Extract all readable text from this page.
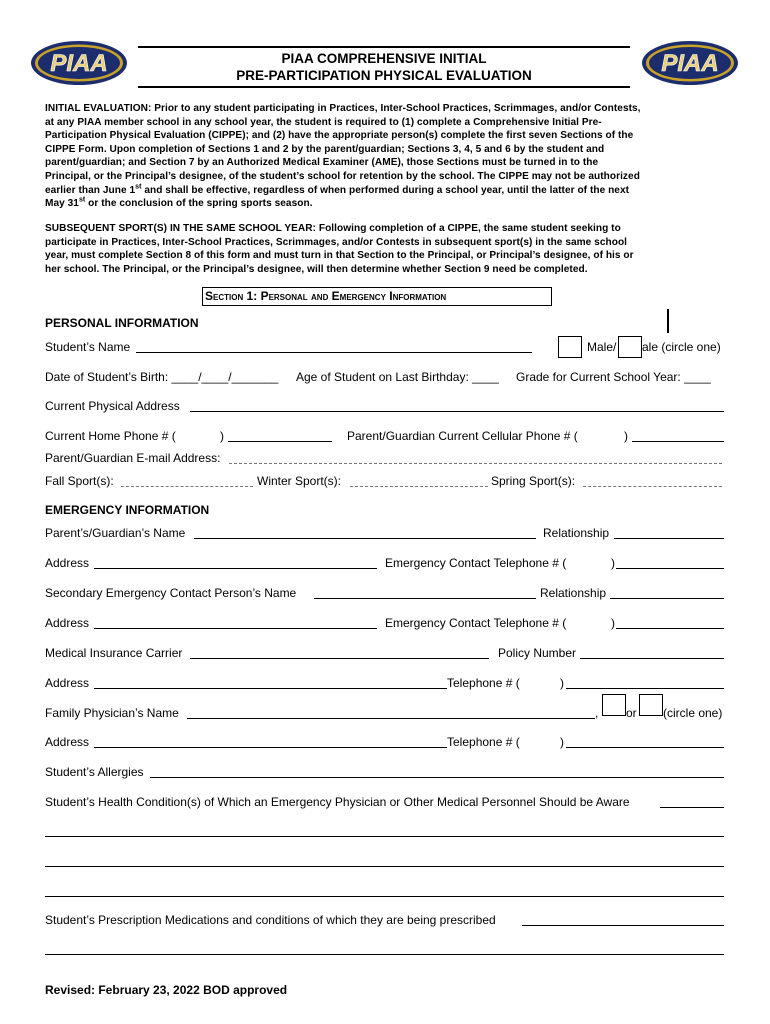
PIAA	PIAA
PIAA COMPREHENSIVE INITIAL
PRE-PARTICIPATION PHYSICAL EVALUATION
INITIAL EVALUATION: Prior to any student participating in Practices, Inter-School Practices, Scrimmages, and/or Contests,
at any PIAA member school in any school year, the student is required to (1) complete a Comprehensive Initial Pre-
Participation Physical Evaluation (CIPPE); and (2) have the appropriate person(s) complete the first seven Sections of the
CIPPE Form. Upon completion of Sections 1 and 2 by the parent/guardian; Sections 3, 4, 5 and 6 by the student and
parent/guardian; and Section 7 by an Authorized Medical Examiner (AME), those Sections must be turned in to the
Principal, or the Principal’s designee, of the student’s school for retention by the school. The CIPPE may not be authorized
earlier than June 1st and shall be effective, regardless of when performed during a school year, until the latter of the next
May 31st or the conclusion of the spring sports season.
SUBSEQUENT SPORT(S) IN THE SAME SCHOOL YEAR: Following completion of a CIPPE, the same student seeking to
participate in Practices, Inter-School Practices, Scrimmages, and/or Contests in subsequent sport(s) in the same school
year, must complete Section 8 of this form and must turn in that Section to the Principal, or Principal’s designee, of his or
her school. The Principal, or the Principal’s designee, will then determine whether Section 9 need be completed.
Section 1: Personal and Emergency Information
PERSONAL INFORMATION
Student’s Name	Male/ ale (circle one)
Date of Student’s Birth: ____/____/_______ Age of Student on Last Birthday: ____ Grade for Current School Year: ____
Current Physical Address
Current Home Phone # (	)	Parent/Guardian Current Cellular Phone # (	)
Parent/Guardian E-mail Address:
Fall Sport(s):	Winter Sport(s):	Spring Sport(s):
EMERGENCY INFORMATION
Parent’s/Guardian’s Name	Relationship
Address	Emergency Contact Telephone # (	)
Secondary Emergency Contact Person’s Name	Relationship
Address	Emergency Contact Telephone # (	)
Medical Insurance Carrier	Policy Number
Address	Telephone # (	)
Family Physician’s Name	, or (circle one)
Address	Telephone # (	)
Student’s Allergies
Student’s Health Condition(s) of Which an Emergency Physician or Other Medical Personnel Should be Aware
Student’s Prescription Medications and conditions of which they are being prescribed
Revised: February 23, 2022 BOD approved
